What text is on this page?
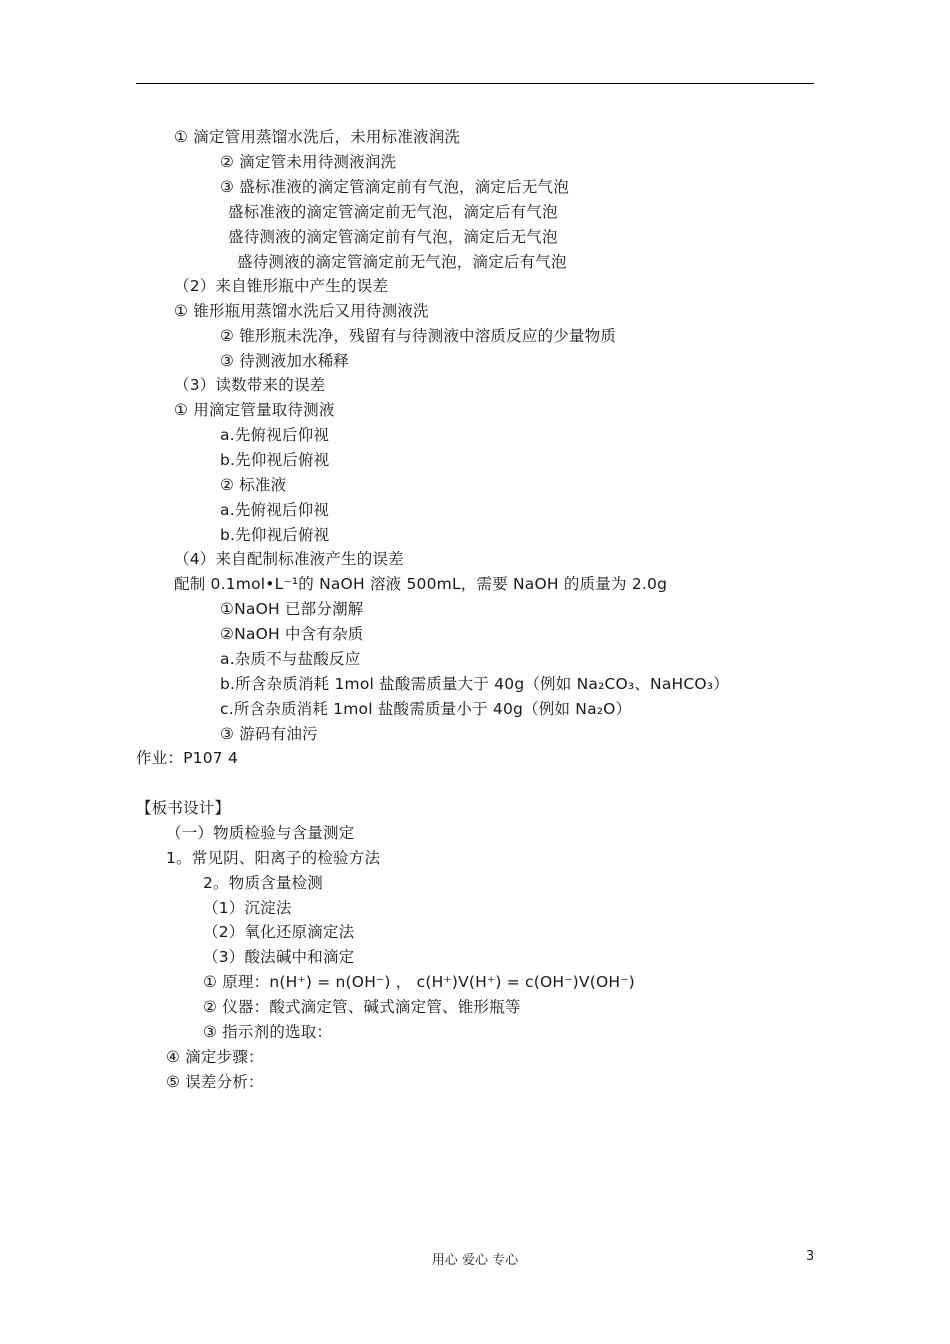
① 滴定管用蒸馏水洗后，未用标准液润洗
② 滴定管未用待测液润洗
③ 盛标准液的滴定管滴定前有气泡，滴定后无气泡
盛标准液的滴定管滴定前无气泡，滴定后有气泡
盛待测液的滴定管滴定前有气泡，滴定后无气泡
盛待测液的滴定管滴定前无气泡，滴定后有气泡
（2）来自锥形瓶中产生的误差
① 锥形瓶用蒸馏水洗后又用待测液洗
② 锥形瓶未洗净，残留有与待测液中溶质反应的少量物质
③ 待测液加水稀释
（3）读数带来的误差
① 用滴定管量取待测液
a.先俯视后仰视
b.先仰视后俯视
② 标准液
a.先俯视后仰视
b.先仰视后俯视
（4）来自配制标准液产生的误差
配制 0.1mol•L⁻¹的 NaOH 溶液 500mL，需要 NaOH 的质量为 2.0g
①NaOH 已部分潮解
②NaOH 中含有杂质
a.杂质不与盐酸反应
b.所含杂质消耗 1mol 盐酸需质量大于 40g（例如 Na₂CO₃、NaHCO₃）
c.所含杂质消耗 1mol 盐酸需质量小于 40g（例如 Na₂O）
③ 游码有油污
作业：P107 4
【板书设计】
（一）物质检验与含量测定
1。常见阴、阳离子的检验方法
2。物质含量检测
（1）沉淀法
（2）氧化还原滴定法
（3）酸法碱中和滴定
① 原理：n(H⁺) = n(OH⁻) ， c(H⁺)V(H⁺) = c(OH⁻)V(OH⁻)
② 仪器：酸式滴定管、碱式滴定管、锥形瓶等
③ 指示剂的选取：
④ 滴定步骤：
⑤ 误差分析：
用心 爱心 专心	3
